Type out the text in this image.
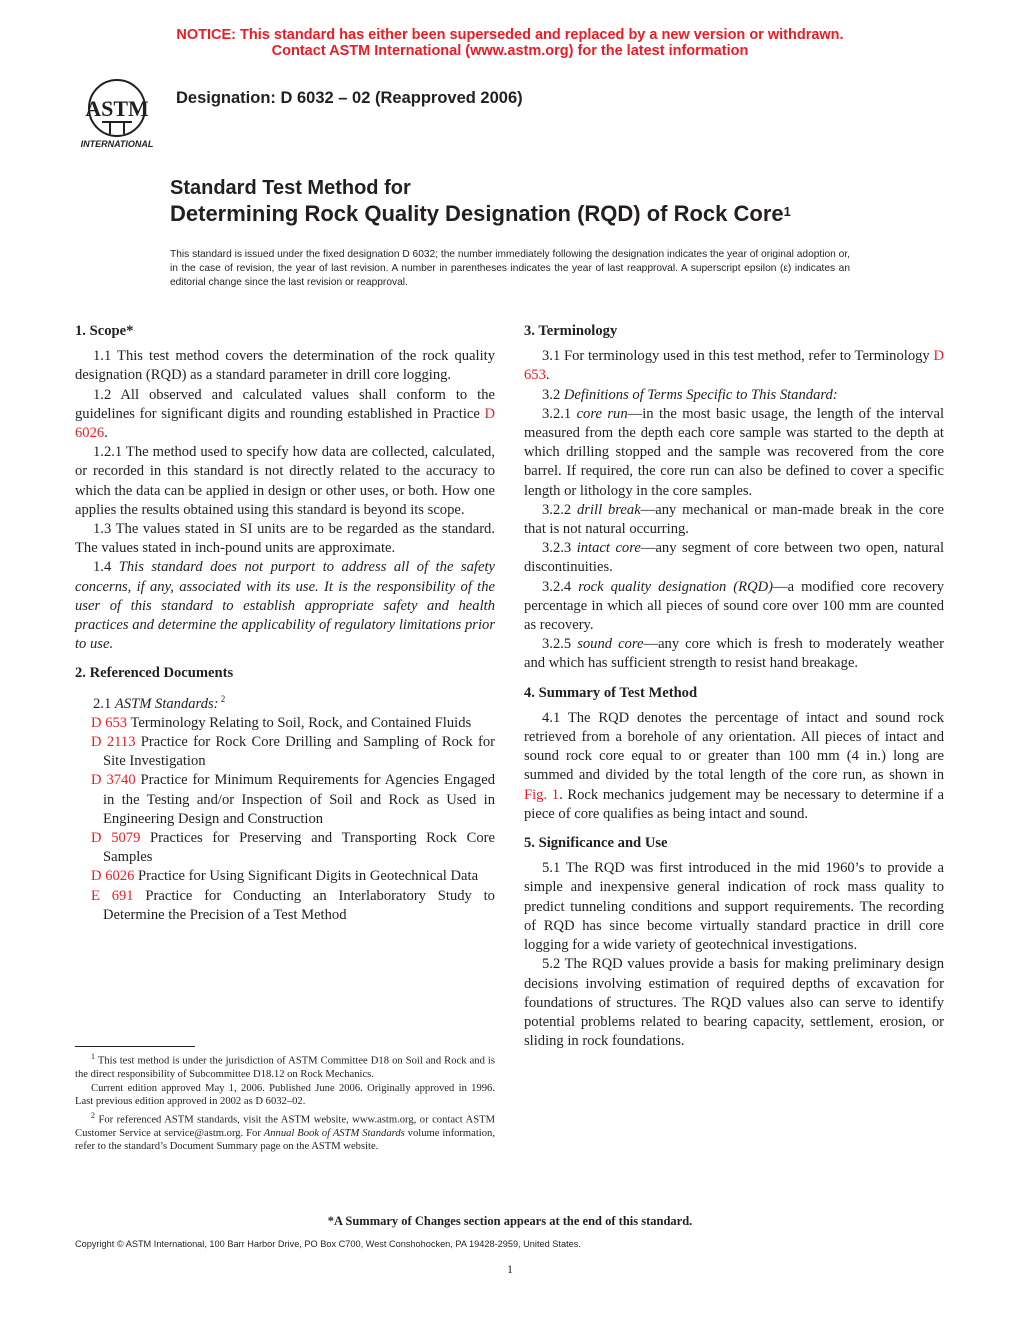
NOTICE: This standard has either been superseded and replaced by a new version or withdrawn.
Contact ASTM International (www.astm.org) for the latest information
ASTM
INTERNATIONAL
Designation: D 6032 – 02 (Reapproved 2006)
Standard Test Method for
Determining Rock Quality Designation (RQD) of Rock Core$^1$
This standard is issued under the fixed designation D 6032; the number immediately following the designation indicates the year of original adoption or, in the case of revision, the year of last revision. A number in parentheses indicates the year of last reapproval. A superscript epsilon (ε) indicates an editorial change since the last revision or reapproval.

1. Scope*

1.1 This test method covers the determination of the rock quality designation (RQD) as a standard parameter in drill core logging.

1.2 All observed and calculated values shall conform to the guidelines for significant digits and rounding established in Practice D 6026.

1.2.1 The method used to specify how data are collected, calculated, or recorded in this standard is not directly related to the accuracy to which the data can be applied in design or other uses, or both. How one applies the results obtained using this standard is beyond its scope.

1.3 The values stated in SI units are to be regarded as the standard. The values stated in inch-pound units are approximate.

1.4 This standard does not purport to address all of the safety concerns, if any, associated with its use. It is the responsibility of the user of this standard to establish appropriate safety and health practices and determine the applicability of regulatory limitations prior to use.

2. Referenced Documents

2.1 ASTM Standards: $^2$

D 653 Terminology Relating to Soil, Rock, and Contained Fluids

D 2113 Practice for Rock Core Drilling and Sampling of Rock for Site Investigation

D 3740 Practice for Minimum Requirements for Agencies Engaged in the Testing and/or Inspection of Soil and Rock as Used in Engineering Design and Construction

D 5079 Practices for Preserving and Transporting Rock Core Samples

D 6026 Practice for Using Significant Digits in Geotechnical Data

E 691 Practice for Conducting an Interlaboratory Study to Determine the Precision of a Test Method

3. Terminology

3.1 For terminology used in this test method, refer to Terminology D 653.

3.2 Definitions of Terms Specific to This Standard:

3.2.1 core run—in the most basic usage, the length of the interval measured from the depth each core sample was started to the depth at which drilling stopped and the sample was recovered from the core barrel. If required, the core run can also be defined to cover a specific length or lithology in the core samples.

3.2.2 drill break—any mechanical or man-made break in the core that is not natural occurring.

3.2.3 intact core—any segment of core between two open, natural discontinuities.

3.2.4 rock quality designation (RQD)—a modified core recovery percentage in which all pieces of sound core over 100 mm are counted as recovery.

3.2.5 sound core—any core which is fresh to moderately weather and which has sufficient strength to resist hand breakage.

4. Summary of Test Method

4.1 The RQD denotes the percentage of intact and sound rock retrieved from a borehole of any orientation. All pieces of intact and sound rock core equal to or greater than 100 mm (4 in.) long are summed and divided by the total length of the core run, as shown in Fig. 1. Rock mechanics judgement may be necessary to determine if a piece of core qualifies as being intact and sound.

5. Significance and Use

5.1 The RQD was first introduced in the mid 1960’s to provide a simple and inexpensive general indication of rock mass quality to predict tunneling conditions and support requirements. The recording of RQD has since become virtually standard practice in drill core logging for a wide variety of geotechnical investigations.

5.2 The RQD values provide a basis for making preliminary design decisions involving estimation of required depths of excavation for foundations of structures. The RQD values also can serve to identify potential problems related to bearing capacity, settlement, erosion, or sliding in rock foundations.

$^1$ This test method is under the jurisdiction of ASTM Committee D18 on Soil and Rock and is the direct responsibility of Subcommittee D18.12 on Rock Mechanics.

Current edition approved May 1, 2006. Published June 2006. Originally approved in 1996. Last previous edition approved in 2002 as D 6032–02.

$^2$ For referenced ASTM standards, visit the ASTM website, www.astm.org, or contact ASTM Customer Service at service@astm.org. For Annual Book of ASTM Standards volume information, refer to the standard’s Document Summary page on the ASTM website.

*A Summary of Changes section appears at the end of this standard.
Copyright © ASTM International, 100 Barr Harbor Drive, PO Box C700, West Conshohocken, PA 19428-2959, United States.
1
